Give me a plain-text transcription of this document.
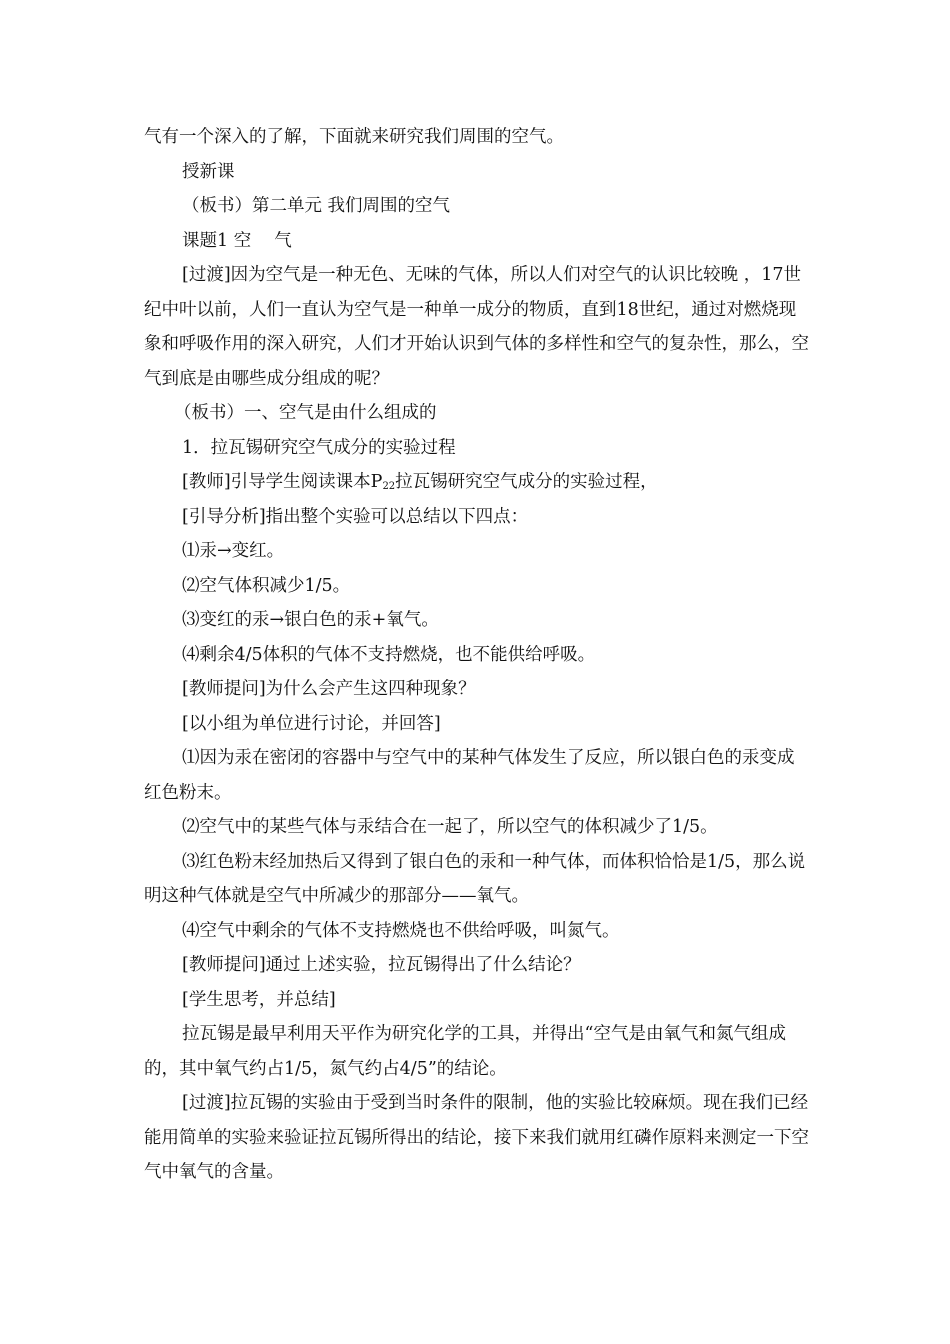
气有一个深入的了解，下面就来研究我们周围的空气。

授新课

（板书）第二单元 我们周围的空气

课题1 空　 气

[过渡]因为空气是一种无色、无味的气体，所以人们对空气的认识比较晚 ，17世纪中叶以前，人们一直认为空气是一种单一成分的物质，直到18世纪，通过对燃烧现象和呼吸作用的深入研究，人们才开始认识到气体的多样性和空气的复杂性，那么，空气到底是由哪些成分组成的呢？

（板书）一、空气是由什么组成的

1．拉瓦锡研究空气成分的实验过程

[教师]引导学生阅读课本$P_{22}$拉瓦锡研究空气成分的实验过程，

[引导分析]指出整个实验可以总结以下四点：

⑴汞→变红。

⑵空气体积减少1/5。

⑶变红的汞→银白色的汞+氧气。

⑷剩余4/5体积的气体不支持燃烧，也不能供给呼吸。

[教师提问]为什么会产生这四种现象？

[以小组为单位进行讨论，并回答]

⑴因为汞在密闭的容器中与空气中的某种气体发生了反应，所以银白色的汞变成红色粉末。

⑵空气中的某些气体与汞结合在一起了，所以空气的体积减少了1/5。

⑶红色粉末经加热后又得到了银白色的汞和一种气体，而体积恰恰是1/5，那么说明这种气体就是空气中所减少的那部分——氧气。

⑷空气中剩余的气体不支持燃烧也不供给呼吸，叫氮气。

[教师提问]通过上述实验，拉瓦锡得出了什么结论？

[学生思考，并总结]

拉瓦锡是最早利用天平作为研究化学的工具，并得出“空气是由氧气和氮气组成的，其中氧气约占1/5，氮气约占4/5”的结论。

[过渡]拉瓦锡的实验由于受到当时条件的限制，他的实验比较麻烦。现在我们已经能用简单的实验来验证拉瓦锡所得出的结论，接下来我们就用红磷作原料来测定一下空气中氧气的含量。
